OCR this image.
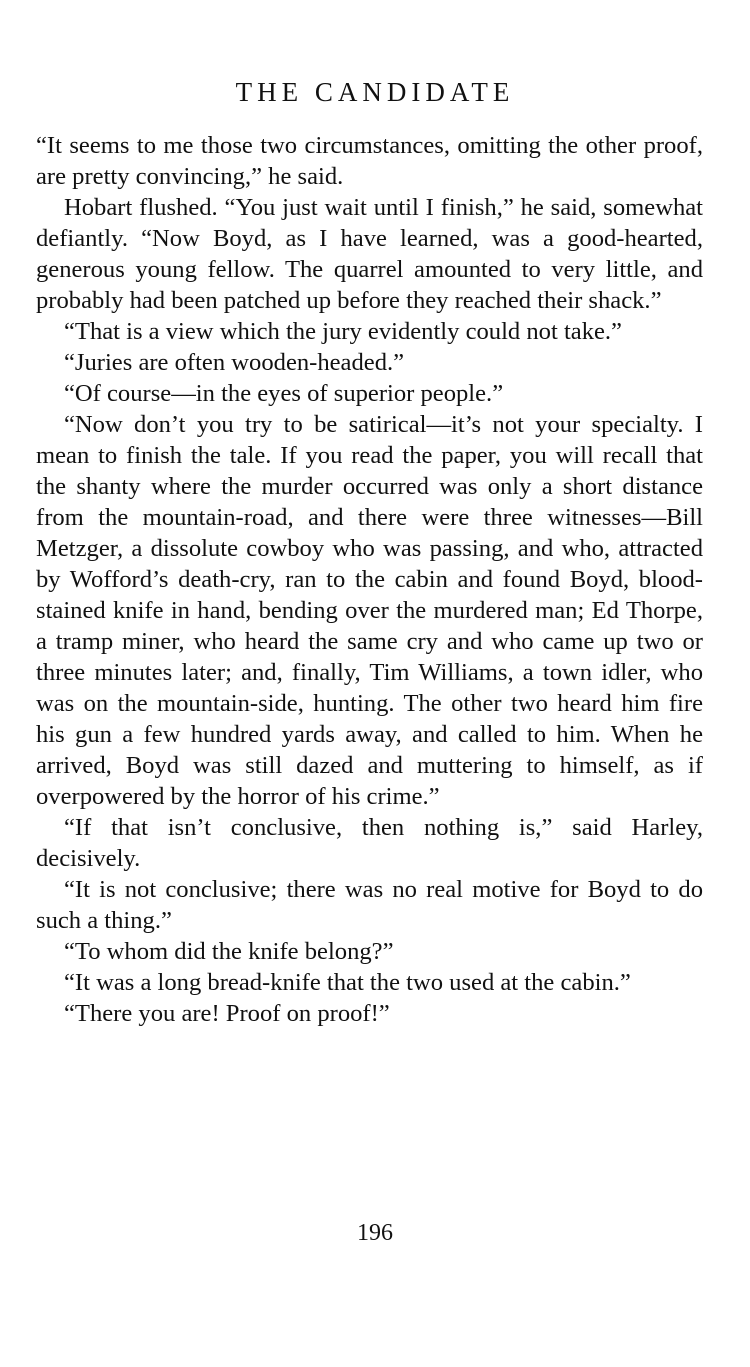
THE CANDIDATE

“It seems to me those two circumstances, omitting the other proof, are pretty convincing,” he said.

Hobart flushed. “You just wait until I finish,” he said, somewhat defiantly. “Now Boyd, as I have learned, was a good-hearted, generous young fellow. The quarrel amounted to very little, and probably had been patched up before they reached their shack.”

“That is a view which the jury evidently could not take.”

“Juries are often wooden-headed.”

“Of course—in the eyes of superior people.”

“Now don’t you try to be satirical—it’s not your specialty. I mean to finish the tale. If you read the paper, you will recall that the shanty where the murder occurred was only a short distance from the mountain-road, and there were three witnesses—Bill Metzger, a dissolute cowboy who was passing, and who, attracted by Wofford’s death-cry, ran to the cabin and found Boyd, blood-stained knife in hand, bending over the murdered man; Ed Thorpe, a tramp miner, who heard the same cry and who came up two or three minutes later; and, finally, Tim Williams, a town idler, who was on the mountain-side, hunting. The other two heard him fire his gun a few hundred yards away, and called to him. When he arrived, Boyd was still dazed and muttering to himself, as if overpowered by the horror of his crime.”

“If that isn’t conclusive, then nothing is,” said Harley, decisively.

“It is not conclusive; there was no real motive for Boyd to do such a thing.”

“To whom did the knife belong?”

“It was a long bread-knife that the two used at the cabin.”

“There you are! Proof on proof!”

196
